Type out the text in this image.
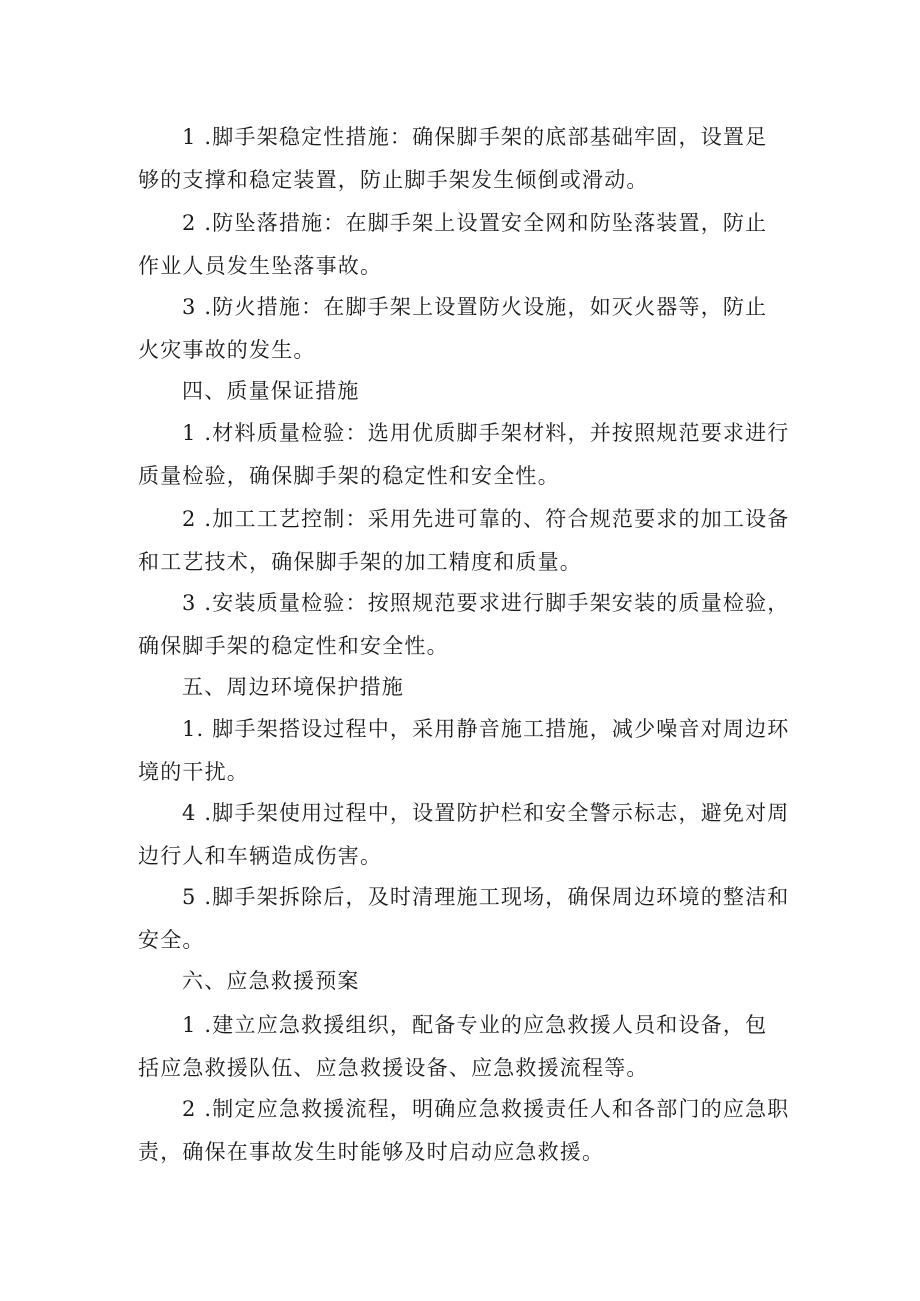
1 .脚手架稳定性措施：确保脚手架的底部基础牢固，设置足
够的支撑和稳定装置，防止脚手架发生倾倒或滑动。
2 .防坠落措施：在脚手架上设置安全网和防坠落装置，防止
作业人员发生坠落事故。
3 .防火措施：在脚手架上设置防火设施，如灭火器等，防止
火灾事故的发生。
四、质量保证措施
1 .材料质量检验：选用优质脚手架材料，并按照规范要求进行
质量检验，确保脚手架的稳定性和安全性。
2 .加工工艺控制：采用先进可靠的、符合规范要求的加工设备
和工艺技术，确保脚手架的加工精度和质量。
3 .安装质量检验：按照规范要求进行脚手架安装的质量检验，
确保脚手架的稳定性和安全性。
五、周边环境保护措施
1. 脚手架搭设过程中，采用静音施工措施，减少噪音对周边环
境的干扰。
4 .脚手架使用过程中，设置防护栏和安全警示标志，避免对周
边行人和车辆造成伤害。
5 .脚手架拆除后，及时清理施工现场，确保周边环境的整洁和
安全。
六、应急救援预案
1 .建立应急救援组织，配备专业的应急救援人员和设备，包
括应急救援队伍、应急救援设备、应急救援流程等。
2 .制定应急救援流程，明确应急救援责任人和各部门的应急职
责，确保在事故发生时能够及时启动应急救援。
